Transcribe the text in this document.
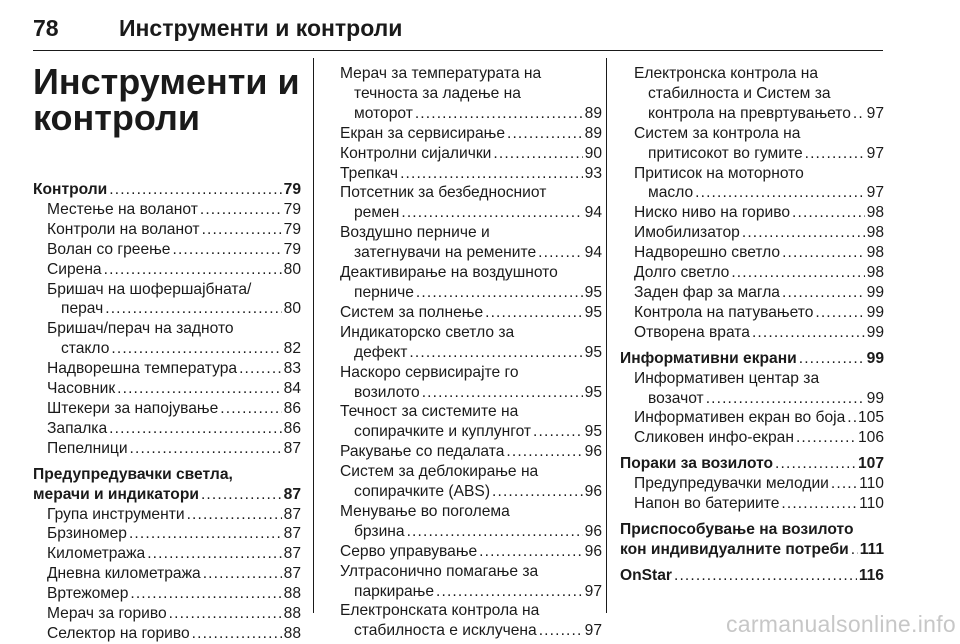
78	Инструменти и контроли
Инструменти и
контроли
Контроли . . .	79
Местење на воланот . . .	79
Контроли на воланот . . .	79
Волан со греење . . .	79
Сирена . . .	80
Бришач на шофершајбната/
перач . . .	80
Бришач/перач на задното
стакло . . .	82
Надворешна температура . . .	83
Часовник . . .	84
Штекери за напојување . . .	86
Запалка . . .	86
Пепелници . . .	87
Предупредувачки светла,
мерачи и индикатори . . .	87
Група инструменти . . .	87
Брзиномер . . .	87
Километража . . .	87
Дневна километража . . .	87
Вртежомер . . .	88
Мерач за гориво . . .	88
Селектор на гориво . . .	88
Мерач за температурата на
течноста за ладење на
моторот . . .	89
Екран за сервисирање . . .	89
Контролни сијалички . . .	90
Трепкач . . .	93
Потсетник за безбедносниот
ремен . . .	94
Воздушно перниче и
затегнувачи на ремените . . .	94
Деактивирање на воздушното
перниче . . .	95
Систем за полнење . . .	95
Индикаторско светло за
дефект . . .	95
Наскоро сервисирајте го
возилото . . .	95
Течност за системите на
сопирачките и куплунгот . . .	95
Ракување со педалата . . .	96
Систем за деблокирање на
сопирачките (ABS) . . .	96
Менување во поголема
брзина . . .	96
Серво управување . . .	96
Ултрасонично помагање за
паркирање . . .	97
Електронската контрола на
стабилноста е исклучена . . .	97
Електронска контрола на
стабилноста и Систем за
контрола на превртувањето . . . 97
Систем за контрола на
притисокот во гумите . . .	97
Притисок на моторното
масло . . .	97
Ниско ниво на гориво . . .	98
Имобилизатор . . .	98
Надворешно светло . . .	98
Долго светло . . .	98
Заден фар за магла . . .	99
Контрола на патувањето . . .	99
Отворена врата . . .	99
Информативни екрани . . .	99
Информативен центар за
возачот . . .	99
Информативен екран во боја . . . 105
Сликовен инфо-екран . . .	106
Пораки за возилото . . .	107
Предупредувачки мелодии . . . 110
Напон во батериите . . .	110
Приспособување на возилото
кон индивидуалните потреби . . . 111
OnStar . . .	116
carmanualsonline.info
